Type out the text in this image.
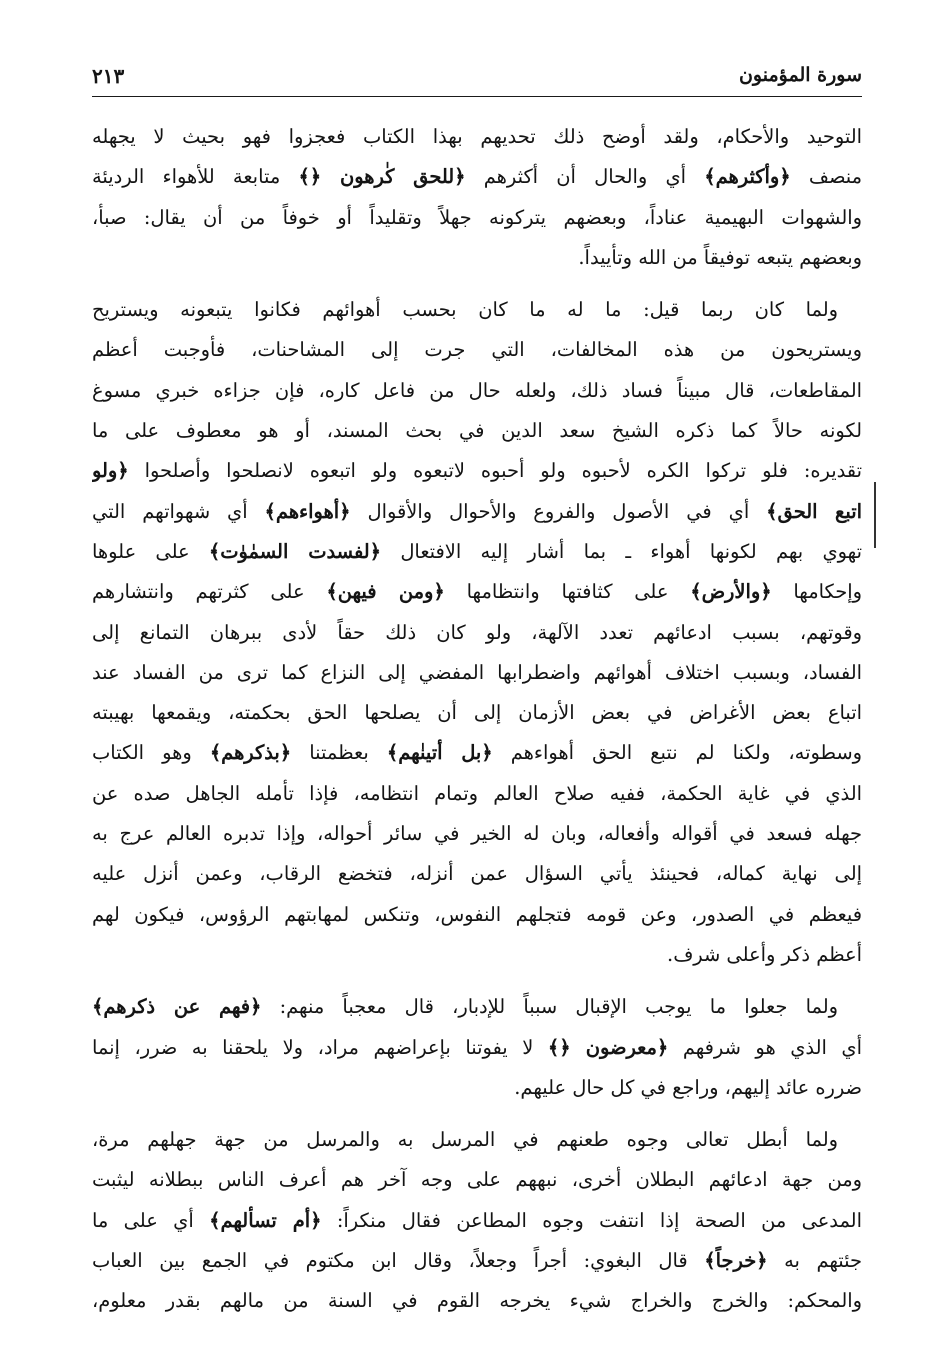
سورة المؤمنون
٢١٣

التوحيد والأحكام، ولقد أوضح ذلك تحديهم بهذا الكتاب فعجزوا فهو بحيث لا يجهله
منصف ﴿وأكثرهم﴾ أي والحال أن أكثرهم ﴿للحق كٰرهون ﴿﴾ متابعة للأهواء الرديئة
والشهوات البهيمية عناداً، وبعضهم يتركونه جهلاً وتقليداً أو خوفاً من أن يقال: صبأ،
وبعضهم يتبعه توفيقاً من الله وتأييداً.

ولما كان ربما قيل: ما له ما كان بحسب أهوائهم فكانوا يتبعونه ويستريح
ويستريحون من هذه المخالفات، التي جرت إلى المشاحنات، فأوجبت أعظم
المقاطعات، قال مبيناً فساد ذلك، ولعله حال من فاعل كاره، فإن جزاءه خبري مسوغ
لكونه حالاً كما ذكره الشيخ سعد الدين في بحث المسند، أو هو معطوف على ما
تقديره: فلو تركوا الكره لأحبوه ولو أحبوه لاتبعوه ولو اتبعوه لانصلحوا وأصلحوا ﴿ولو
اتبع الحق﴾ أي في الأصول والفروع والأحوال والأقوال ﴿أهواءهم﴾ أي شهواتهم التي
تهوي بهم لكونها أهواء ـ بما أشار إليه الافتعال ﴿لفسدت السمٰوٰت﴾ على علوها
وإحكامها ﴿والأرض﴾ على كثافتها وانتظامها ﴿ومن فيهن﴾ على كثرتهم وانتشارهم
وقوتهم، بسبب ادعائهم تعدد الآلهة، ولو كان ذلك حقاً لأدى ببرهان التمانع إلى
الفساد، وبسبب اختلاف أهوائهم واضطرابها المفضي إلى النزاع كما ترى من الفساد عند
اتباع بعض الأغراض في بعض الأزمان إلى أن يصلحها الحق بحكمته، ويقمعها بهيبته
وسطوته، ولكنا لم نتبع الحق أهواءهم ﴿بل أتينٰهم﴾ بعظمتنا ﴿بذكرهم﴾ وهو الكتاب
الذي في غاية الحكمة، ففيه صلاح العالم وتمام انتظامه، فإذا تأمله الجاهل صده عن
جهله فسعد في أقواله وأفعاله، وبان له الخير في سائر أحواله، وإذا تدبره العالم عرج به
إلى نهاية كماله، فحينئذ يأتي السؤال عمن أنزله، فتخضع الرقاب، وعمن أنزل عليه
فيعظم في الصدور، وعن قومه فتجلهم النفوس، وتنكس لمهابتهم الرؤوس، فيكون لهم
أعظم ذكر وأعلى شرف.

ولما جعلوا ما يوجب الإقبال سبباً للإدبار، قال معجباً منهم: ﴿فهم عن ذكرهم﴾
أي الذي هو شرفهم ﴿معرضون ﴿﴾ لا يفوتنا بإعراضهم مراد، ولا يلحقنا به ضرر، إنما
ضرره عائد إليهم، وراجع في كل حال عليهم.

ولما أبطل تعالى وجوه طعنهم في المرسل به والمرسل من جهة جهلهم مرة،
ومن جهة ادعائهم البطلان أخرى، نبههم على وجه آخر هم أعرف الناس ببطلانه ليثبت
المدعى من الصحة إذا انتفت وجوه المطاعن فقال منكراً: ﴿أم تسألهم﴾ أي على ما
جئتهم به ﴿خرجاً﴾ قال البغوي: أجراً وجعلاً، وقال ابن مكتوم في الجمع بين العباب
والمحكم: والخرج والخراج شيء يخرجه القوم في السنة من مالهم بقدر معلوم،
